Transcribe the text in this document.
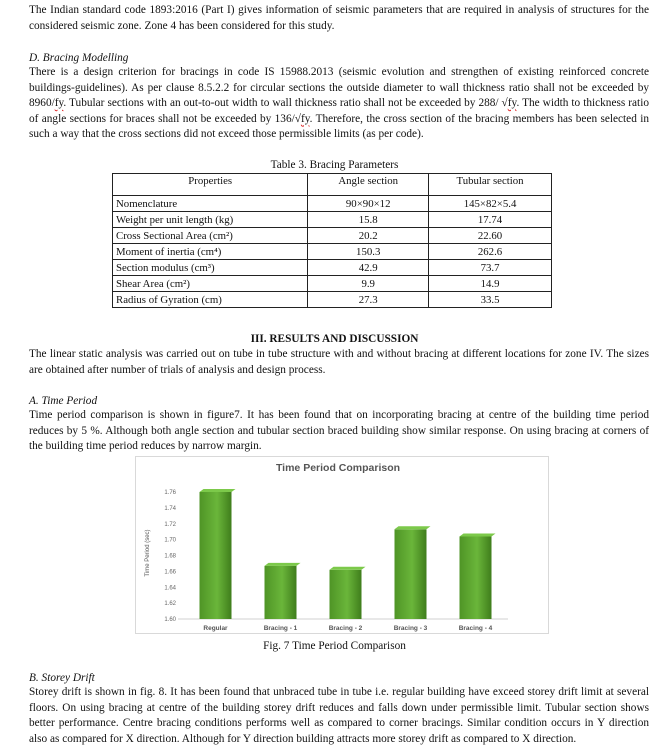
The Indian standard code 1893:2016 (Part I) gives information of seismic parameters that are required in analysis of structures for the considered seismic zone. Zone 4 has been considered for this study.

D. Bracing Modelling

There is a design criterion for bracings in code IS 15988.2013 (seismic evolution and strengthen of existing reinforced concrete buildings-guidelines). As per clause 8.5.2.2 for circular sections the outside diameter to wall thickness ratio shall not be exceeded by 8960/fy. Tubular sections with an out-to-out width to wall thickness ratio shall not be exceeded by 288/ √fy. The width to thickness ratio of angle sections for braces shall not be exceeded by 136/√fy. Therefore, the cross section of the bracing members has been selected in such a way that the cross sections did not exceed those permissible limits (as per code).

Table 3. Bracing Parameters
Properties	Angle section	Tubular section
Nomenclature	90×90×12	145×82×5.4
Weight per unit length (kg)	15.8	17.74
Cross Sectional Area (cm²)	20.2	22.60
Moment of inertia (cm⁴)	150.3	262.6
Section modulus (cm³)	42.9	73.7
Shear Area (cm²)	9.9	14.9
Radius of Gyration (cm)	27.3	33.5
III. RESULTS AND DISCUSSION

The linear static analysis was carried out on tube in tube structure with and without bracing at different locations for zone IV. The sizes are obtained after number of trials of analysis and design process.

A. Time Period

Time period comparison is shown in figure7. It has been found that on incorporating bracing at centre of the building time period reduces by 5 %. Although both angle section and tubular section braced building show similar response. On using bracing at corners of the building time period reduces by narrow margin.

Time Period Comparison
Time Period (sec)
1.76
1.74
1.72
1.70
1.68
1.66
1.64
1.62
1.60
Regular	Bracing - 1	Bracing - 2	Bracing - 3	Bracing - 4
Fig. 7 Time Period Comparison
B. Storey Drift

Storey drift is shown in fig. 8. It has been found that unbraced tube in tube i.e. regular building have exceed storey drift limit at several floors. On using bracing at centre of the building storey drift reduces and falls down under permissible limit. Tubular section shows better performance. Centre bracing conditions performs well as compared to corner bracings. Similar condition occurs in Y direction also as compared for X direction. Although for Y direction building attracts more storey drift as compared to X direction.
